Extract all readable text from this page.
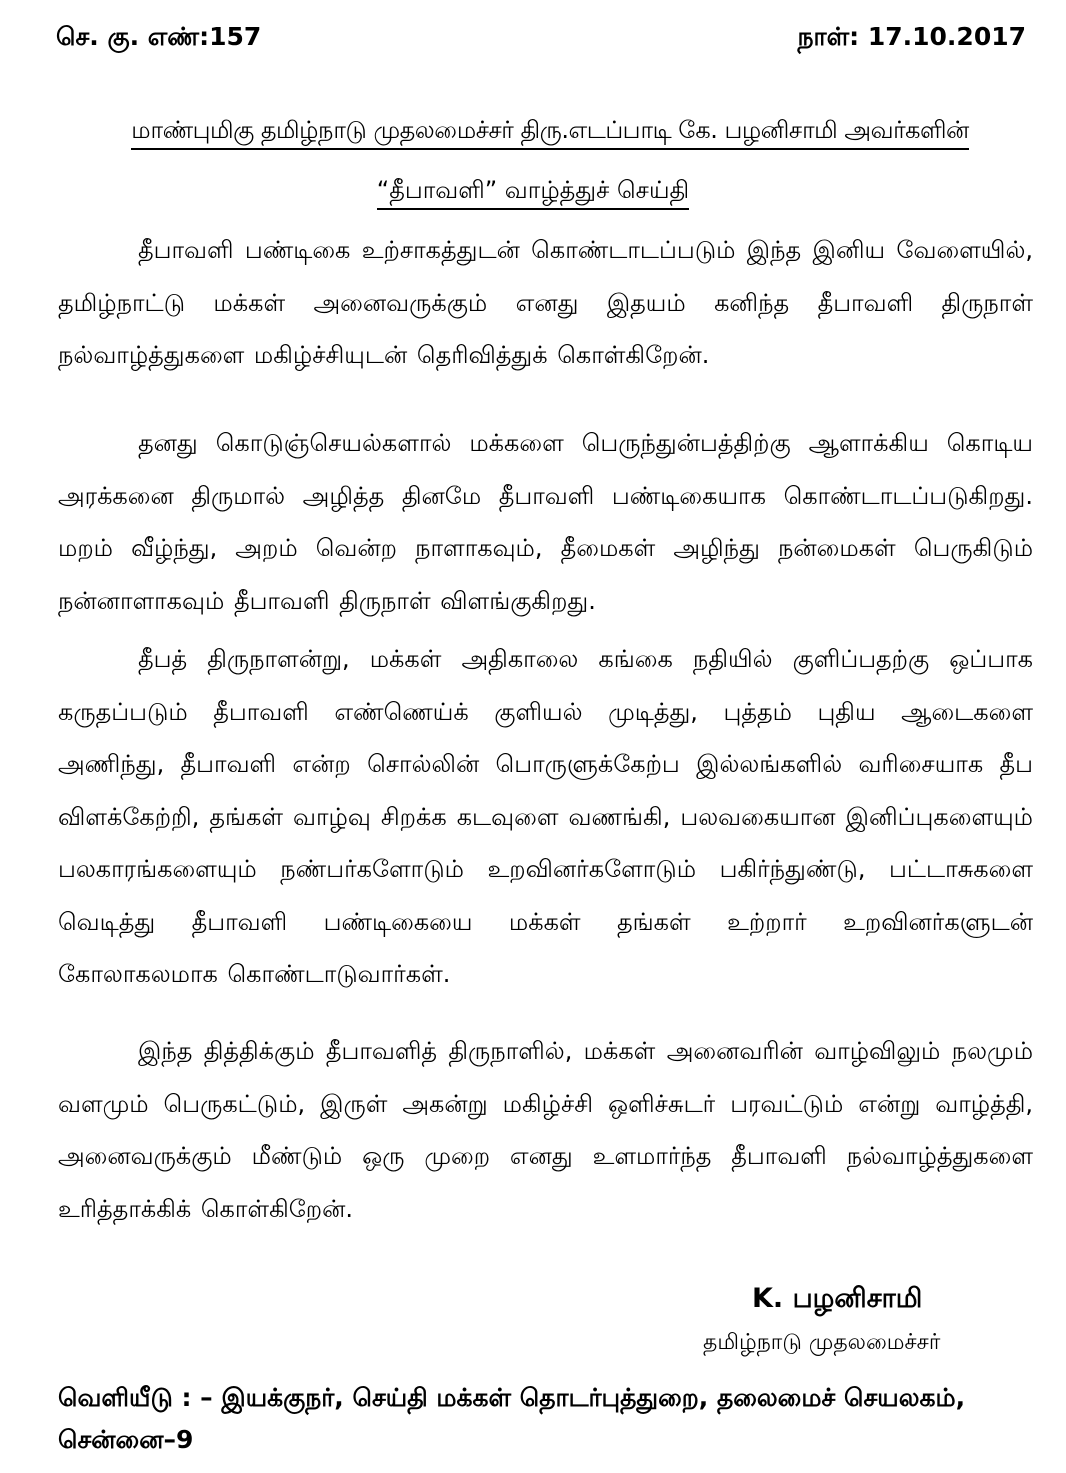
செ. கு. எண்:157	நாள்: 17.10.2017
மாண்புமிகு தமிழ்நாடு முதலமைச்சர் திரு.எடப்பாடி கே. பழனிசாமி அவர்களின்
“தீபாவளி” வாழ்த்துச் செய்தி

தீபாவளி பண்டிகை உற்சாகத்துடன் கொண்டாடப்படும் இந்த இனிய வேளையில், தமிழ்நாட்டு மக்கள் அனைவருக்கும் எனது இதயம் கனிந்த தீபாவளி திருநாள் நல்வாழ்த்துகளை மகிழ்ச்சியுடன் தெரிவித்துக் கொள்கிறேன்.

தனது கொடுஞ்செயல்களால் மக்களை பெருந்துன்பத்திற்கு ஆளாக்கிய கொடிய அரக்கனை திருமால் அழித்த தினமே தீபாவளி பண்டிகையாக கொண்டாடப்படுகிறது. மறம் வீழ்ந்து, அறம் வென்ற நாளாகவும், தீமைகள் அழிந்து நன்மைகள் பெருகிடும் நன்னாளாகவும் தீபாவளி திருநாள் விளங்குகிறது.

தீபத் திருநாளன்று, மக்கள் அதிகாலை கங்கை நதியில் குளிப்பதற்கு ஒப்பாக கருதப்படும் தீபாவளி எண்ணெய்க் குளியல் முடித்து, புத்தம் புதிய ஆடைகளை அணிந்து, தீபாவளி என்ற சொல்லின் பொருளுக்கேற்ப இல்லங்களில் வரிசையாக தீப விளக்கேற்றி, தங்கள் வாழ்வு சிறக்க கடவுளை வணங்கி, பலவகையான இனிப்புகளையும் பலகாரங்களையும் நண்பர்களோடும் உறவினர்களோடும் பகிர்ந்துண்டு, பட்டாசுகளை வெடித்து தீபாவளி பண்டிகையை மக்கள் தங்கள் உற்றார் உறவினர்களுடன் கோலாகலமாக கொண்டாடுவார்கள்.

இந்த தித்திக்கும் தீபாவளித் திருநாளில், மக்கள் அனைவரின் வாழ்விலும் நலமும் வளமும் பெருகட்டும், இருள் அகன்று மகிழ்ச்சி ஒளிச்சுடர் பரவட்டும் என்று வாழ்த்தி, அனைவருக்கும் மீண்டும் ஒரு முறை எனது உளமார்ந்த தீபாவளி நல்வாழ்த்துகளை உரித்தாக்கிக் கொள்கிறேன்.

K. பழனிசாமி
தமிழ்நாடு முதலமைச்சர்
வெளியீடு : – இயக்குநர், செய்தி மக்கள் தொடர்புத்துறை, தலைமைச் செயலகம், சென்னை–9
